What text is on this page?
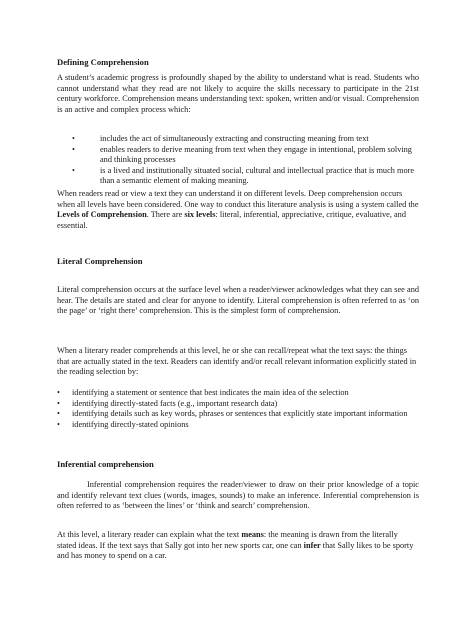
Defining Comprehension

A student’s academic progress is profoundly shaped by the ability to understand what is read. Students who cannot understand what they read are not likely to acquire the skills necessary to participate in the 21st century workforce. Comprehension means understanding text: spoken, written and/or visual. Comprehension is an active and complex process which:

•	includes the act of simultaneously extracting and constructing meaning from text
•	enables readers to derive meaning from text when they engage in intentional, problem solving and thinking processes
•	is a lived and institutionally situated social, cultural and intellectual practice that is much more than a semantic element of making meaning.

When readers read or view a text they can understand it on different levels. Deep comprehension occurs when all levels have been considered. One way to conduct this literature analysis is using a system called the Levels of Comprehension. There are six levels: literal, inferential, appreciative, critique, evaluative, and essential.

Literal Comprehension

Literal comprehension occurs at the surface level when a reader/viewer acknowledges what they can see and hear. The details are stated and clear for anyone to identify. Literal comprehension is often referred to as ‘on the page’ or ‘right there’ comprehension. This is the simplest form of comprehension.

When a literary reader comprehends at this level, he or she can recall/repeat what the text says: the things that are actually stated in the text. Readers can identify and/or recall relevant information explicitly stated in the reading selection by:

• identifying a statement or sentence that best indicates the main idea of the selection
• identifying directly-stated facts (e.g., important research data)
• identifying details such as key words, phrases or sentences that explicitly state important information
• identifying directly-stated opinions
Inferential comprehension

Inferential comprehension requires the reader/viewer to draw on their prior knowledge of a topic and identify relevant text clues (words, images, sounds) to make an inference. Inferential comprehension is often referred to as ‘between the lines’ or ‘think and search’ comprehension.

At this level, a literary reader can explain what the text means: the meaning is drawn from the literally stated ideas. If the text says that Sally got into her new sports car, one can infer that Sally likes to be sporty and has money to spend on a car.
